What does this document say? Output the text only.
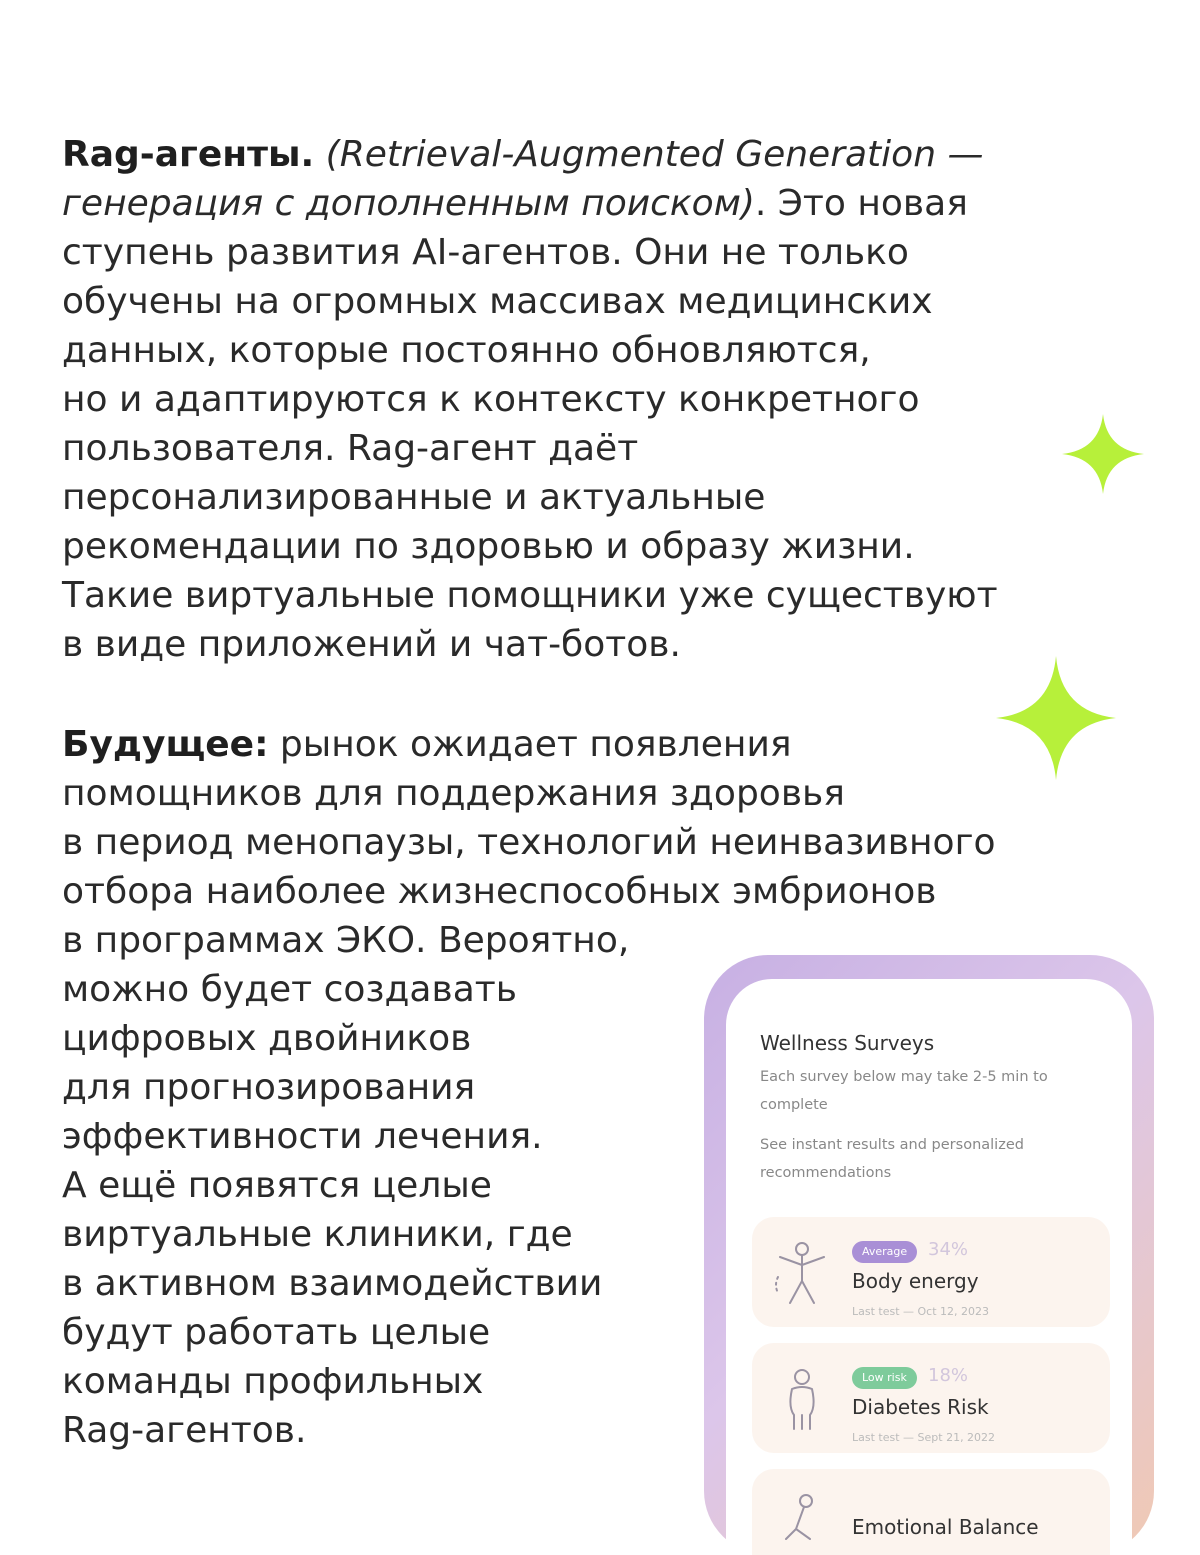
Rag-агенты. (Retrieval-Augmented Generation —
генерация с дополненным поиском). Это новая
ступень развития AI-агентов. Они не только
обучены на огромных массивах медицинских
данных, которые постоянно обновляются,
но и адаптируются к контексту конкретного
пользователя. Rag-агент даёт
персонализированные и актуальные
рекомендации по здоровью и образу жизни.
Такие виртуальные помощники уже существуют
в виде приложений и чат-ботов.
Будущее: рынок ожидает появления
помощников для поддержания здоровья
в период менопаузы, технологий неинвазивного
отбора наиболее жизнеспособных эмбрионов
в программах ЭКО. Вероятно,
можно будет создавать
цифровых двойников
для прогнозирования
эффективности лечения.
А ещё появятся целые
виртуальные клиники, где
в активном взаимодействии
будут работать целые
команды профильных
Rag-агентов.
Wellness Surveys
Each survey below may take 2-5 min to complete
See instant results and personalized recommendations
Average	34%
Body energy
Last test — Oct 12, 2023
Low risk	18%
Diabetes Risk
Last test — Sept 21, 2022
Emotional Balance
